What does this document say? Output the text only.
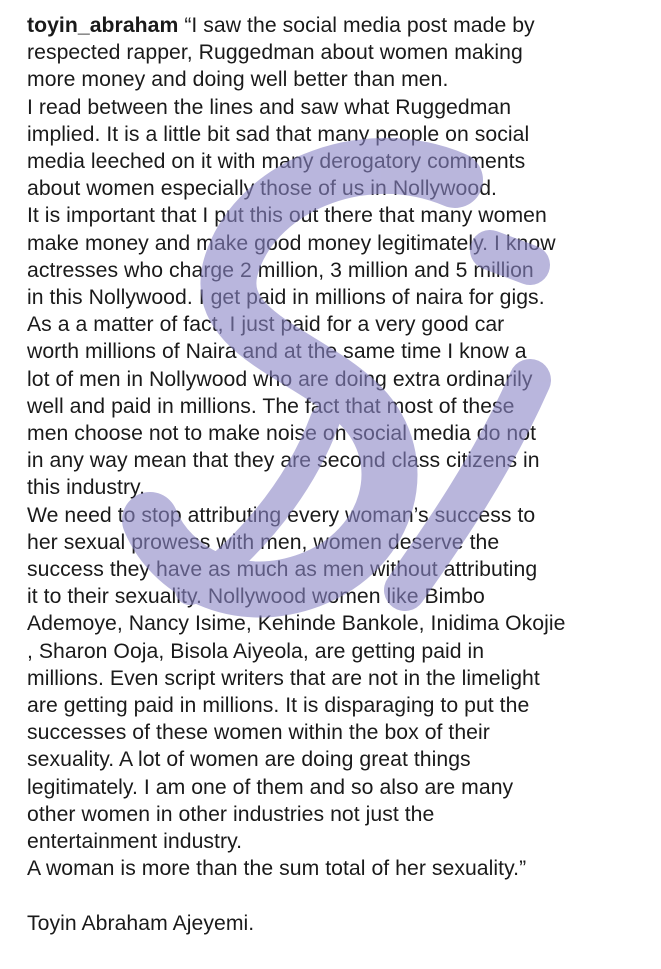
toyin_abraham “I saw the social media post made by
respected rapper, Ruggedman about women making
more money and doing well better than men.

I read between the lines and saw what Ruggedman
implied. It is a little bit sad that many people on social
media leeched on it with many derogatory comments
about women especially those of us in Nollywood.

It is important that I put this out there that many women
make money and make good money legitimately. I know
actresses who charge 2 million, 3 million and 5 million
in this Nollywood. I get paid in millions of naira for gigs.
As a a matter of fact, I just paid for a very good car
worth millions of Naira and at the same time I know a
lot of men in Nollywood who are doing extra ordinarily
well and paid in millions. The fact that most of these
men choose not to make noise on social media do not
in any way mean that they are second class citizens in
this industry.

We need to stop attributing every woman’s success to
her sexual prowess with men, women deserve the
success they have as much as men without attributing
it to their sexuality. Nollywood women like Bimbo
Ademoye, Nancy Isime, Kehinde Bankole, Inidima Okojie
, Sharon Ooja, Bisola Aiyeola, are getting paid in
millions. Even script writers that are not in the limelight
are getting paid in millions. It is disparaging to put the
successes of these women within the box of their
sexuality. A lot of women are doing great things
legitimately. I am one of them and so also are many
other women in other industries not just the
entertainment industry.

A woman is more than the sum total of her sexuality.”

Toyin Abraham Ajeyemi.
